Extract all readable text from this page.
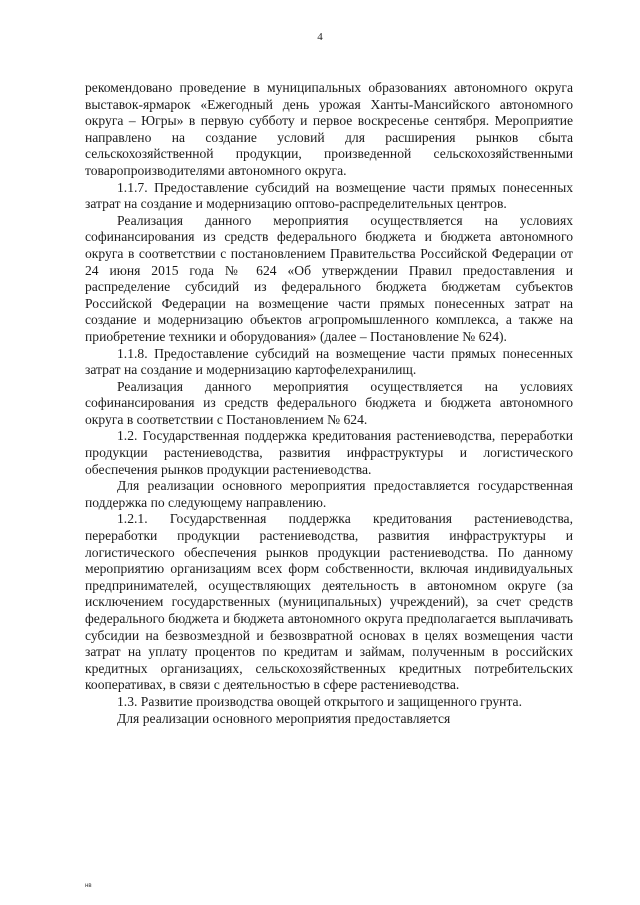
4

рекомендовано проведение в муниципальных образованиях автономного округа выставок-ярмарок «Ежегодный день урожая Ханты-Мансийского автономного округа – Югры» в первую субботу и первое воскресенье сентября. Мероприятие направлено на создание условий для расширения рынков сбыта сельскохозяйственной продукции, произведенной сельскохозяйственными товаропроизводителями автономного округа.

1.1.7. Предоставление субсидий на возмещение части прямых понесенных затрат на создание и модернизацию оптово-распределительных центров.

Реализация данного мероприятия осуществляется на условиях софинансирования из средств федерального бюджета и бюджета автономного округа в соответствии с постановлением Правительства Российской Федерации от 24 июня 2015 года № 624 «Об утверждении Правил предоставления и распределение субсидий из федерального бюджета бюджетам субъектов Российской Федерации на возмещение части прямых понесенных затрат на создание и модернизацию объектов агропромышленного комплекса, а также на приобретение техники и оборудования» (далее – Постановление № 624).

1.1.8. Предоставление субсидий на возмещение части прямых понесенных затрат на создание и модернизацию картофелехранилищ.

Реализация данного мероприятия осуществляется на условиях софинансирования из средств федерального бюджета и бюджета автономного округа в соответствии с Постановлением № 624.

1.2. Государственная поддержка кредитования растениеводства, переработки продукции растениеводства, развития инфраструктуры и логистического обеспечения рынков продукции растениеводства.

Для реализации основного мероприятия предоставляется государственная поддержка по следующему направлению.

1.2.1. Государственная поддержка кредитования растениеводства, переработки продукции растениеводства, развития инфраструктуры и логистического обеспечения рынков продукции растениеводства. По данному мероприятию организациям всех форм собственности, включая индивидуальных предпринимателей, осуществляющих деятельность в автономном округе (за исключением государственных (муниципальных) учреждений), за счет средств федерального бюджета и бюджета автономного округа предполагается выплачивать субсидии на безвозмездной и безвозвратной основах в целях возмещения части затрат на уплату процентов по кредитам и займам, полученным в российских кредитных организациях, сельскохозяйственных кредитных потребительских кооперативах, в связи с деятельностью в сфере растениеводства.

1.3. Развитие производства овощей открытого и защищенного грунта.

Для реализации основного мероприятия предоставляется

нв
